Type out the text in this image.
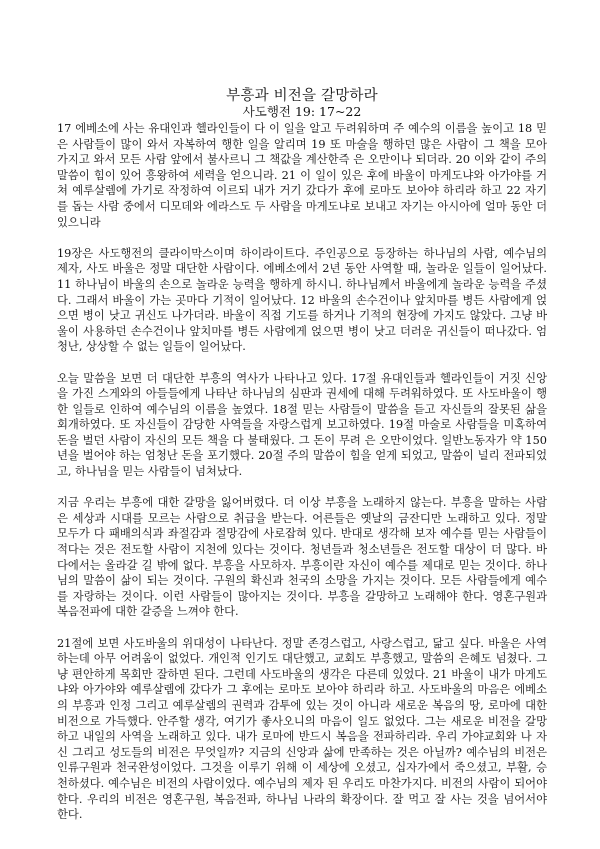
부흥과 비전을 갈망하라
사도행전 19: 17~22

17 에베소에 사는 유대인과 헬라인들이 다 이 일을 알고 두려워하며 주 예수의 이름을 높이고 18 믿은 사람들이 많이 와서 자복하여 행한 일을 알리며 19 또 마술을 행하던 많은 사람이 그 책을 모아 가지고 와서 모든 사람 앞에서 불사르니 그 책값을 계산한즉 은 오만이나 되더라. 20 이와 같이 주의 말씀이 힘이 있어 흥왕하여 세력을 얻으니라. 21 이 일이 있은 후에 바울이 마게도냐와 아가야를 거쳐 예루살렘에 가기로 작정하여 이르되 내가 거기 갔다가 후에 로마도 보아야 하리라 하고 22 자기를 돕는 사람 중에서 디모데와 에라스도 두 사람을 마게도냐로 보내고 자기는 아시아에 얼마 동안 더 있으니라

19장은 사도행전의 클라이막스이며 하이라이트다. 주인공으로 등장하는 하나님의 사람, 예수님의 제자, 사도 바울은 정말 대단한 사람이다. 에베소에서 2년 동안 사역할 때, 놀라운 일들이 일어났다. 11 하나님이 바울의 손으로 놀라운 능력을 행하게 하시니. 하나님께서 바울에게 놀라운 능력을 주셨다. 그래서 바울이 가는 곳마다 기적이 일어났다. 12 바울의 손수건이나 앞치마를 병든 사람에게 얹으면 병이 낫고 귀신도 나가더라. 바울이 직접 기도를 하거나 기적의 현장에 가지도 않았다. 그냥 바울이 사용하던 손수건이나 앞치마를 병든 사람에게 얹으면 병이 낫고 더러운 귀신들이 떠나갔다. 엄청난, 상상할 수 없는 일들이 일어났다.

오늘 말씀을 보면 더 대단한 부흥의 역사가 나타나고 있다. 17절 유대인들과 헬라인들이 거짓 신앙을 가진 스게와의 아들들에게 나타난 하나님의 심판과 권세에 대해 두려워하였다. 또 사도바울이 행한 일들로 인하여 예수님의 이름을 높였다. 18절 믿는 사람들이 말씀을 듣고 자신들의 잘못된 삶을 회개하였다. 또 자신들이 감당한 사역들을 자랑스럽게 보고하였다. 19절 마술로 사람들을 미혹하여 돈을 벌던 사람이 자신의 모든 책을 다 불태웠다. 그 돈이 무려 은 오만이었다. 일반노동자가 약 150년을 벌어야 하는 엄청난 돈을 포기했다. 20절 주의 말씀이 힘을 얻게 되었고, 말씀이 널리 전파되었고, 하나님을 믿는 사람들이 넘쳐났다.

지금 우리는 부흥에 대한 갈망을 잃어버렸다. 더 이상 부흥을 노래하지 않는다. 부흥을 말하는 사람은 세상과 시대를 모르는 사람으로 취급을 받는다. 어른들은 옛날의 금잔디만 노래하고 있다. 정말 모두가 다 패배의식과 좌절감과 절망감에 사로잡혀 있다. 반대로 생각해 보자 예수를 믿는 사람들이 적다는 것은 전도할 사람이 지천에 있다는 것이다. 청년들과 청소년들은 전도할 대상이 더 많다. 바다에서는 올라갈 길 밖에 없다. 부흥을 사모하자. 부흥이란 자신이 예수를 제대로 믿는 것이다. 하나님의 말씀이 삶이 되는 것이다. 구원의 확신과 천국의 소망을 가지는 것이다. 모든 사람들에게 예수를 자랑하는 것이다. 이런 사람들이 많아지는 것이다. 부흥을 갈망하고 노래해야 한다. 영혼구원과 복음전파에 대한 갈증을 느껴야 한다.

21절에 보면 사도바울의 위대성이 나타난다. 정말 존경스럽고, 사랑스럽고, 닮고 싶다. 바울은 사역하는데 아무 어려움이 없었다. 개인적 인기도 대단했고, 교회도 부흥했고, 말씀의 은혜도 넘쳤다. 그냥 편안하게 목회만 잘하면 된다. 그런데 사도바울의 생각은 다른데 있었다. 21 바울이 내가 마게도냐와 아가야와 예루살렘에 갔다가 그 후에는 로마도 보아야 하리라 하고. 사도바울의 마음은 에베소의 부흥과 인정 그리고 예루살렘의 권력과 감투에 있는 것이 아니라 새로운 복음의 땅, 로마에 대한 비전으로 가득했다. 안주할 생각, 여기가 좋사오니의 마음이 일도 없었다. 그는 새로운 비전을 갈망하고 내일의 사역을 노래하고 있다. 내가 로마에 반드시 복음을 전파하리라. 우리 가야교회와 나 자신 그리고 성도들의 비전은 무엇일까? 지금의 신앙과 삶에 만족하는 것은 아닐까? 예수님의 비전은 인류구원과 천국완성이었다. 그것을 이루기 위해 이 세상에 오셨고, 십자가에서 죽으셨고, 부활, 승천하셨다. 예수님은 비전의 사람이었다. 예수님의 제자 된 우리도 마찬가지다. 비전의 사람이 되어야 한다. 우리의 비전은 영혼구원, 복음전파, 하나님 나라의 확장이다. 잘 먹고 잘 사는 것을 넘어서야 한다.
